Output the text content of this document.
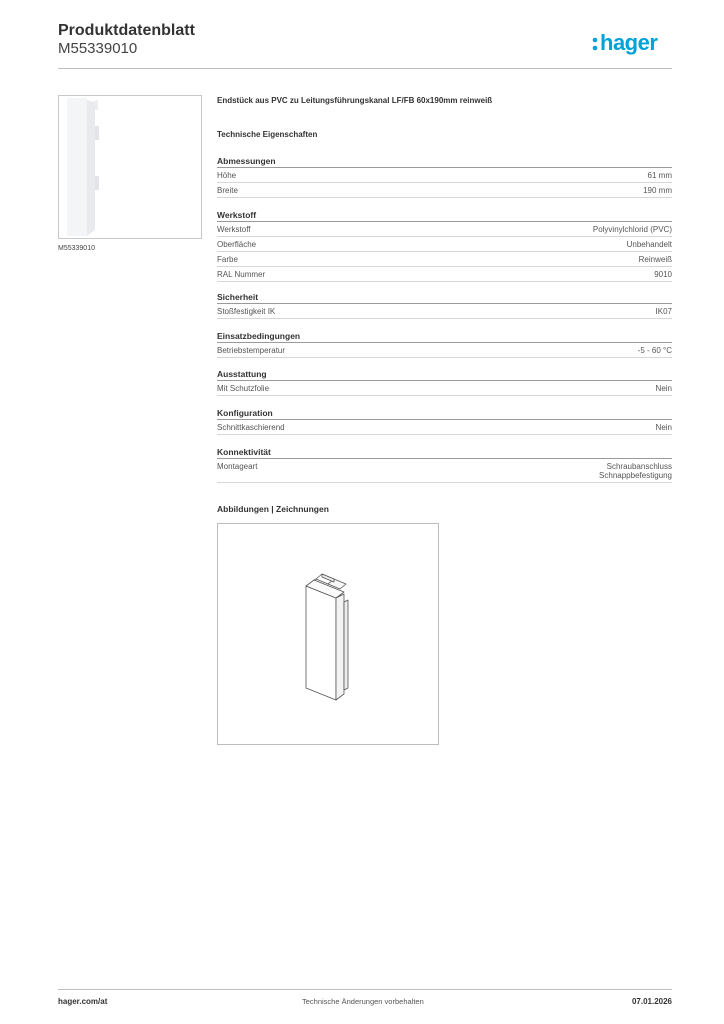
Produktdatenblatt
M55339010	hager
M55339010
Endstück aus PVC zu Leitungsführungskanal LF/FB 60x190mm reinweiß
Technische Eigenschaften
Abmessungen
Höhe	61 mm
Breite	190 mm
Werkstoff
Werkstoff	Polyvinylchlorid (PVC)
Oberfläche	Unbehandelt
Farbe	Reinweiß
RAL Nummer	9010
Sicherheit
Stoßfestigkeit IK	IK07
Einsatzbedingungen
Betriebstemperatur	-5 - 60 °C
Ausstattung
Mit Schutzfolie	Nein
Konfiguration
Schnittkaschierend	Nein
Konnektivität
Montageart	Schraubanschluss
Schnappbefestigung
Abbildungen | Zeichnungen
hager.com/at	Technische Änderungen vorbehalten	07.01.2026
